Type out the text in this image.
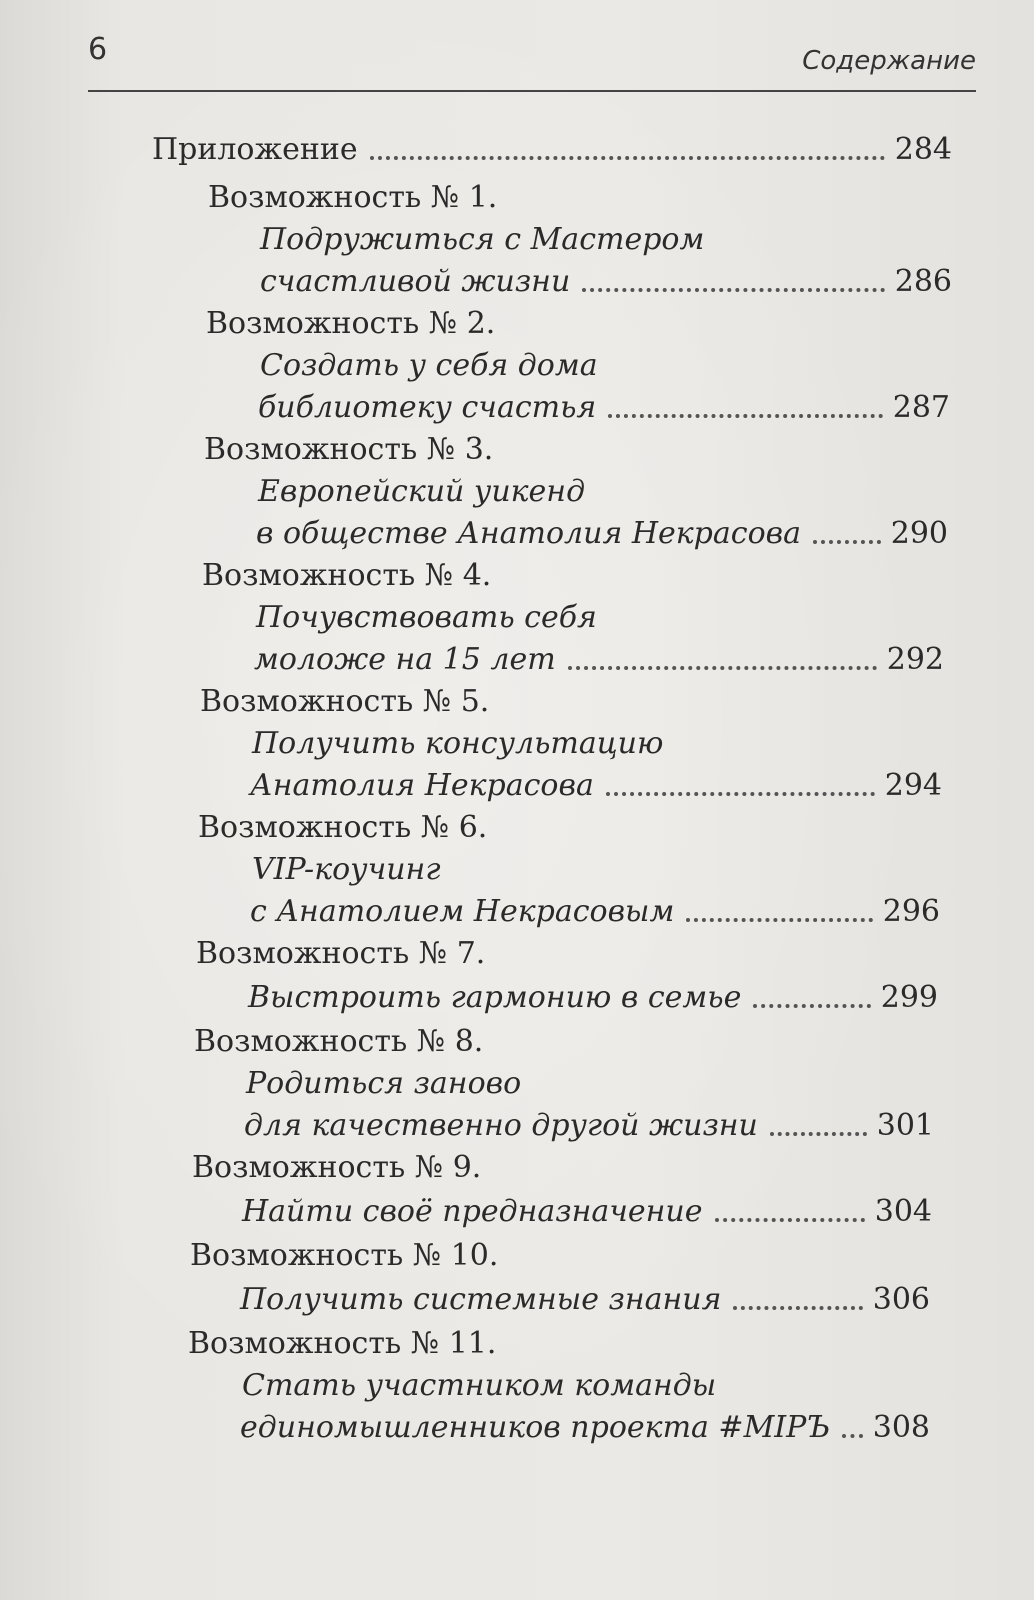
6	Содержание
Приложение	284
Возможность № 1.
Подружиться с Мастером
счастливой жизни	286
Возможность № 2.
Создать у себя дома
библиотеку счастья	287
Возможность № 3.
Европейский уикенд
в обществе Анатолия Некрасова	290
Возможность № 4.
Почувствовать себя
моложе на 15 лет	292
Возможность № 5.
Получить консультацию
Анатолия Некрасова	294
Возможность № 6.
VIP-коучинг
с Анатолием Некрасовым	296
Возможность № 7.
Выстроить гармонию в семье	299
Возможность № 8.
Родиться заново
для качественно другой жизни	301
Возможность № 9.
Найти своё предназначение	304
Возможность № 10.
Получить системные знания	306
Возможность № 11.
Стать участником команды
единомышленников проекта #МІРЪ 308
